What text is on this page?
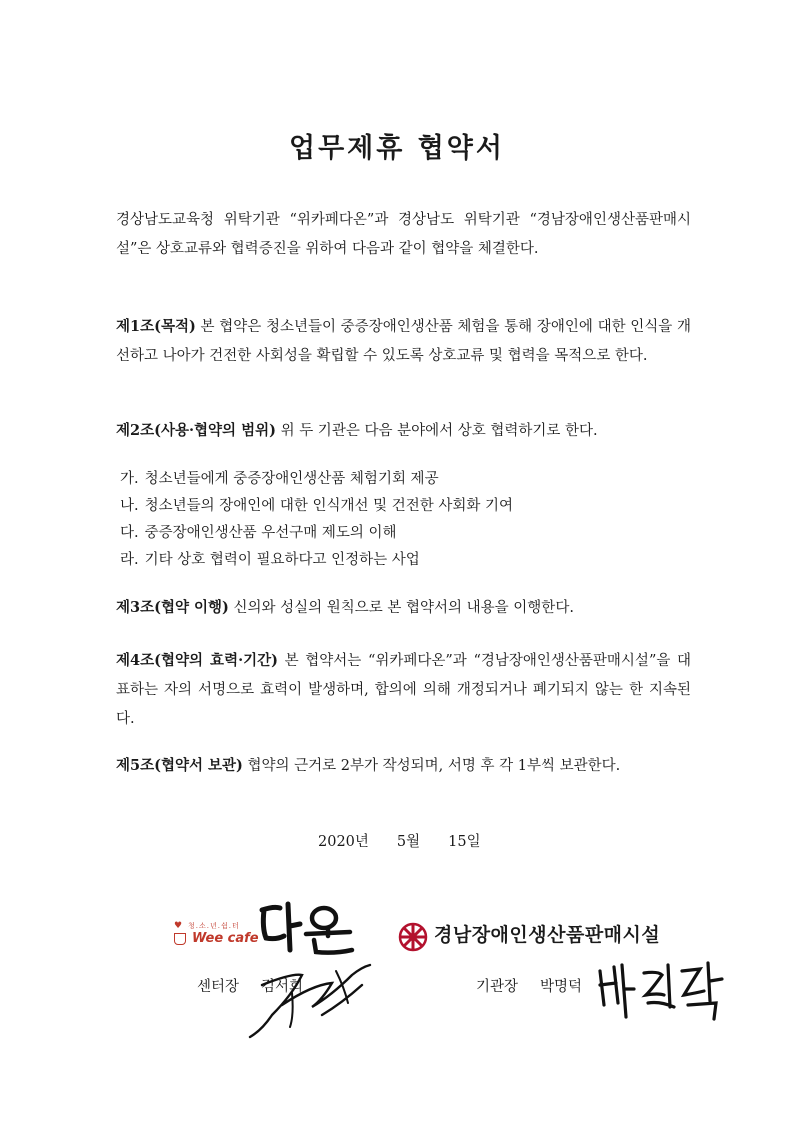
업무제휴 협약서
경상남도교육청 위탁기관 “위카페다온”과 경상남도 위탁기관 “경남장애인생산품판매시설”은 상호교류와 협력증진을 위하여 다음과 같이 협약을 체결한다.
제1조(목적) 본 협약은 청소년들이 중증장애인생산품 체험을 통해 장애인에 대한 인식을 개선하고 나아가 건전한 사회성을 확립할 수 있도록 상호교류 및 협력을 목적으로 한다.
제2조(사용·협약의 범위) 위 두 기관은 다음 분야에서 상호 협력하기로 한다.
가. 청소년들에게 중증장애인생산품 체험기회 제공
나. 청소년들의 장애인에 대한 인식개선 및 건전한 사회화 기여
다. 중증장애인생산품 우선구매 제도의 이해
라. 기타 상호 협력이 필요하다고 인정하는 사업
제3조(협약 이행) 신의와 성실의 원칙으로 본 협약서의 내용을 이행한다.
제4조(협약의 효력·기간) 본 협약서는 “위카페다온”과 “경남장애인생산품판매시설”을 대표하는 자의 서명으로 효력이 발생하며, 합의에 의해 개정되거나 폐기되지 않는 한 지속된다.
제5조(협약서 보관) 협약의 근거로 2부가 작성되며, 서명 후 각 1부씩 보관한다.
2020년 5월 15일
♥ 청.소.년.쉼.터
Wee cafe	경남장애인생산품판매시설
센터장 김서희	기관장 박명덕
